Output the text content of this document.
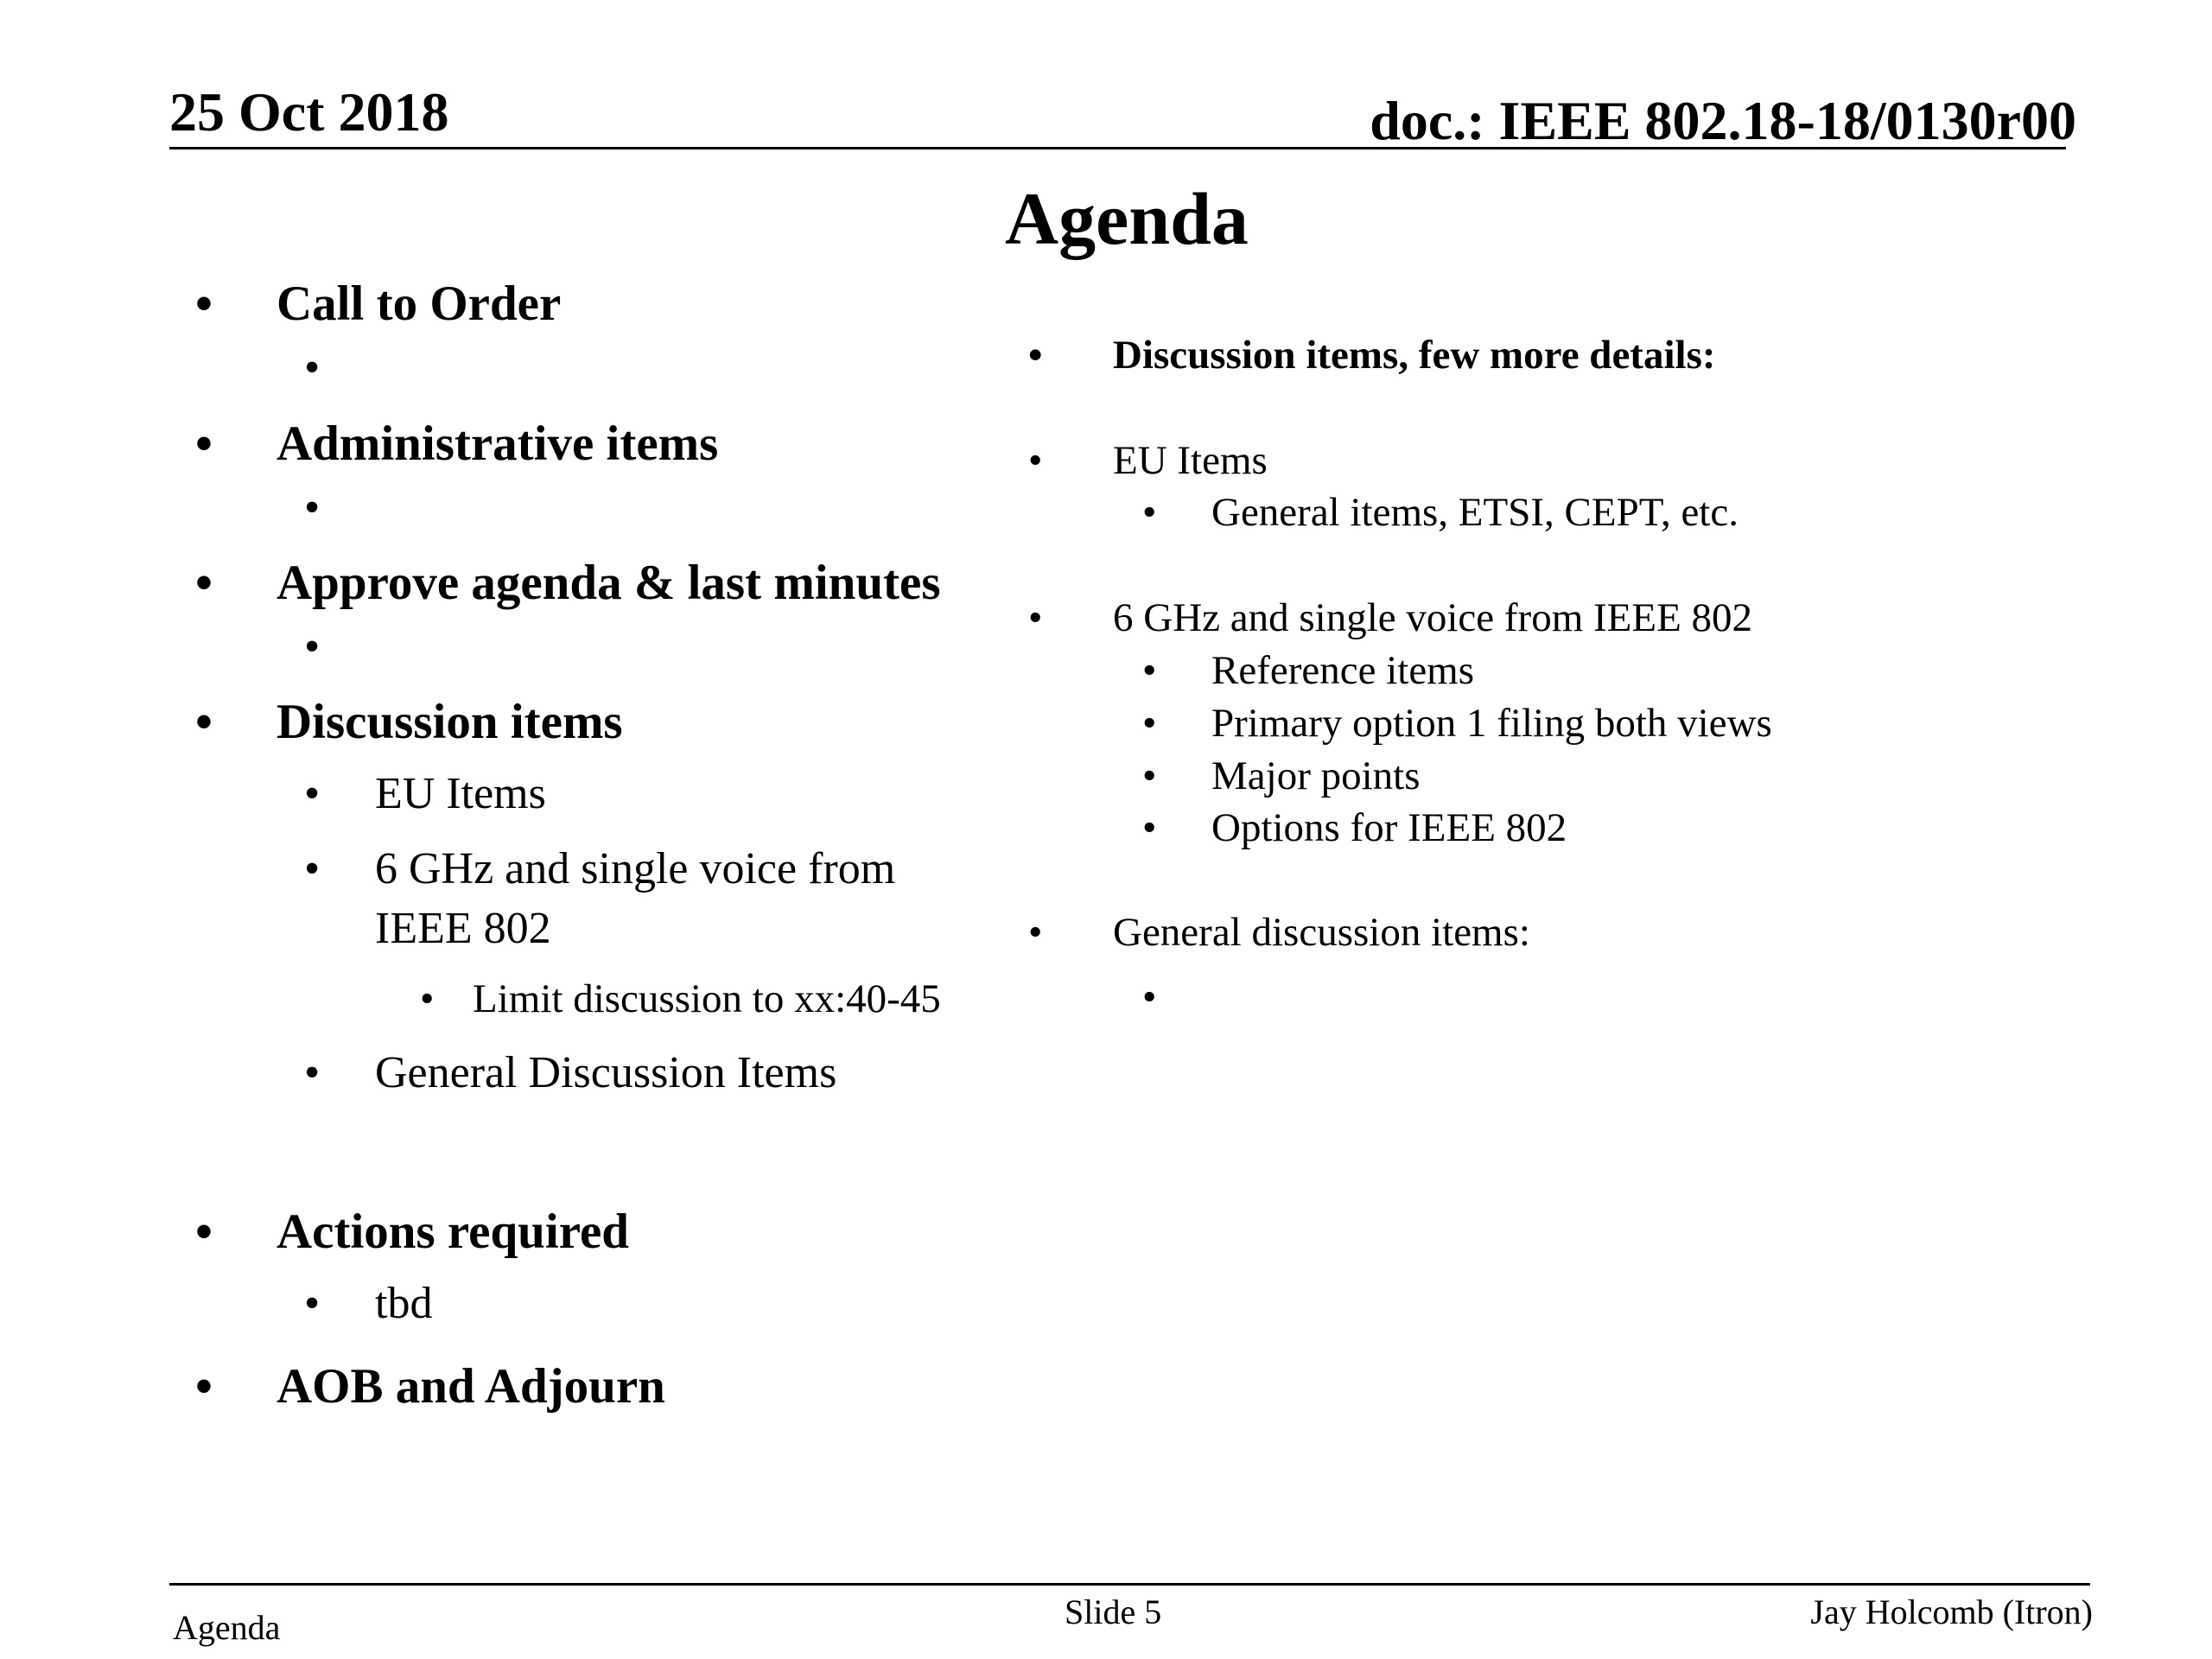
25 Oct 2018	doc.: IEEE 802.18-18/0130r00
Agenda
• Call to Order
•
• Administrative items
•
• Approve agenda & last minutes
•
• Discussion items
• EU Items
• 6 GHz and single voice from
IEEE 802
• Limit discussion to xx:40-45
• General Discussion Items
• Actions required
• tbd
• AOB and Adjourn
• Discussion items, few more details:
• EU Items
• General items, ETSI, CEPT, etc.
• 6 GHz and single voice from IEEE 802
• Reference items
• Primary option 1 filing both views
• Major points
• Options for IEEE 802
• General discussion items:
•
Agenda	Slide 5	Jay Holcomb (Itron)
